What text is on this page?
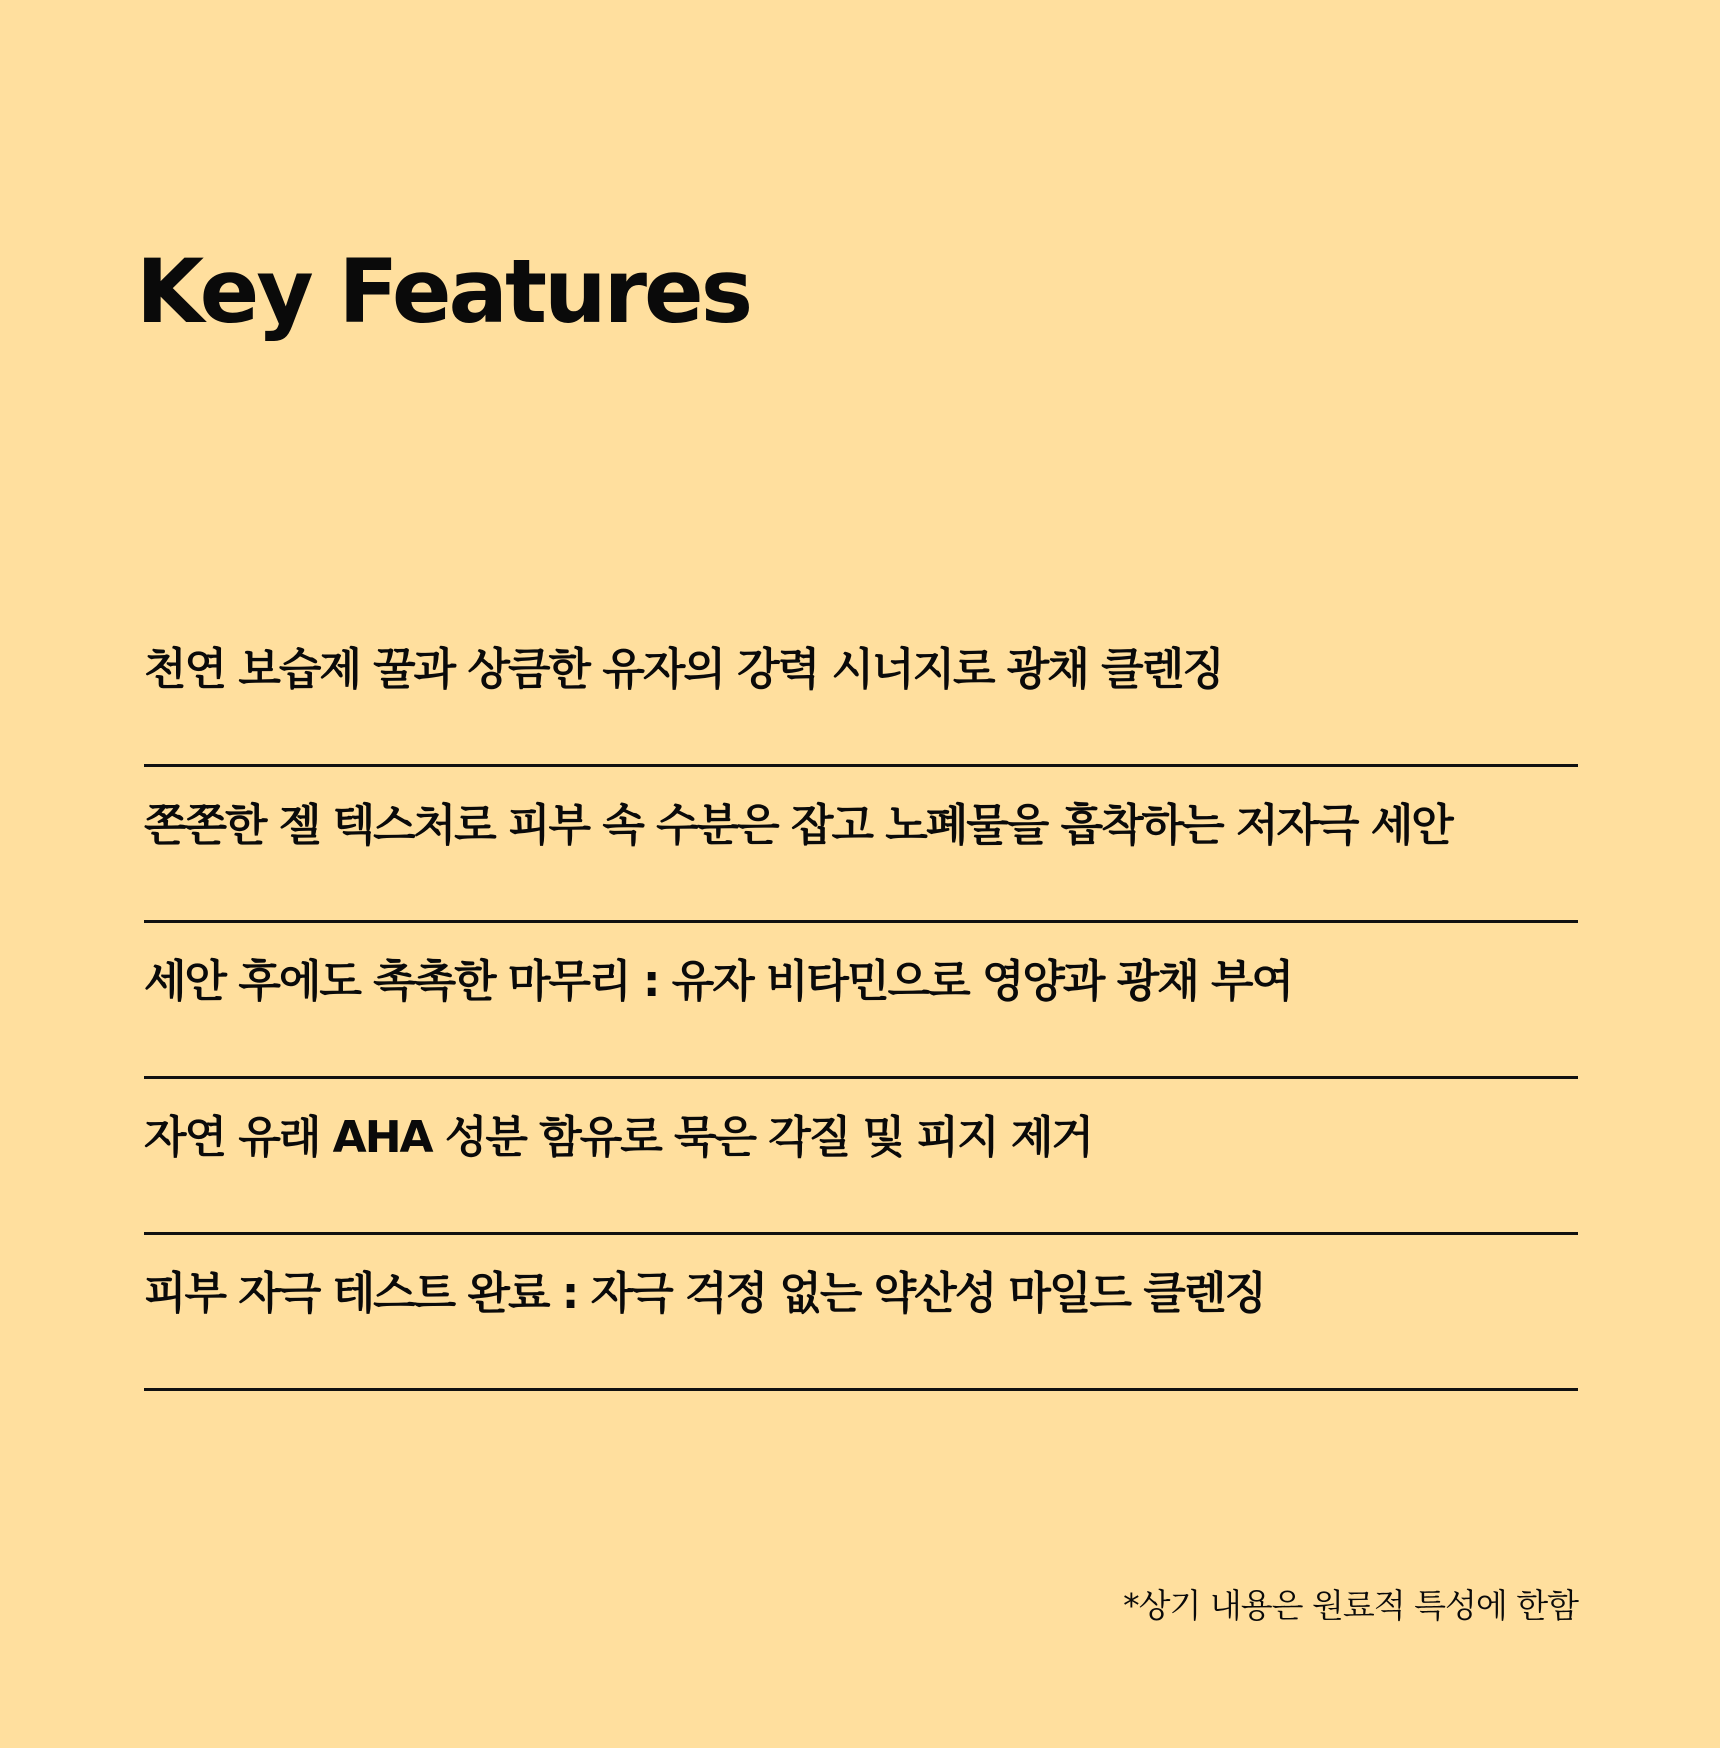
Key Features
천연 보습제 꿀과 상큼한 유자의 강력 시너지로 광채 클렌징
쫀쫀한 젤 텍스처로 피부 속 수분은 잡고 노폐물을 흡착하는 저자극 세안
세안 후에도 촉촉한 마무리 : 유자 비타민으로 영양과 광채 부여
자연 유래 AHA 성분 함유로 묵은 각질 및 피지 제거
피부 자극 테스트 완료 : 자극 걱정 없는 약산성 마일드 클렌징
*상기 내용은 원료적 특성에 한함
